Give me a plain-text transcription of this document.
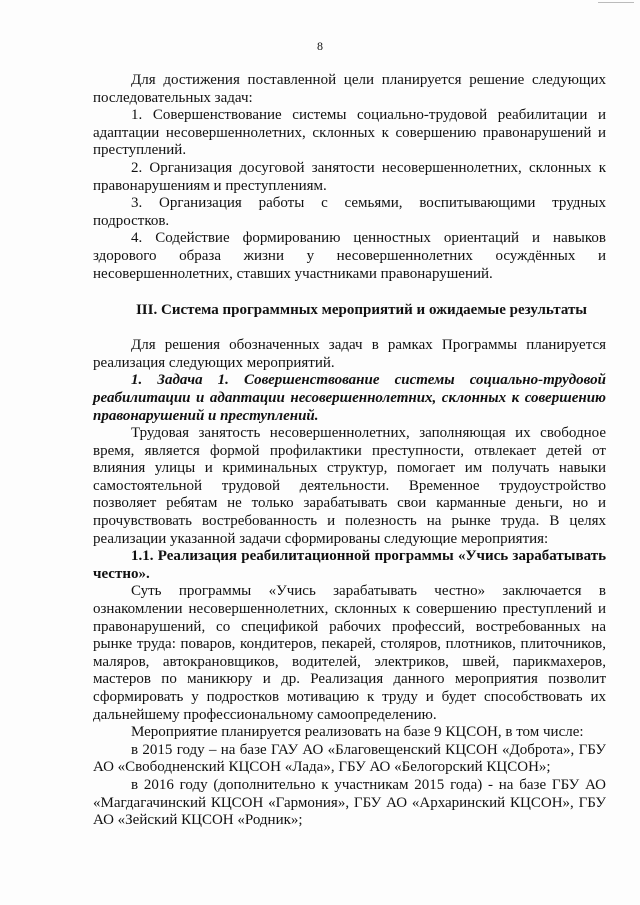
8

Для достижения поставленной цели планируется решение следующих последовательных задач:

1. Совершенствование системы социально-трудовой реабилитации и адаптации несовершеннолетних, склонных к совершению правонарушений и преступлений.

2. Организация досуговой занятости несовершеннолетних, склонных к правонарушениям и преступлениям.

3. Организация работы с семьями, воспитывающими трудных подростков.

4. Содействие формированию ценностных ориентаций и навыков здорового образа жизни у несовершеннолетних осуждённых и несовершеннолетних, ставших участниками правонарушений.

III. Система программных мероприятий и ожидаемые результаты

Для решения обозначенных задач в рамках Программы планируется реализация следующих мероприятий.

1. Задача 1. Совершенствование системы социально-трудовой реабилитации и адаптации несовершеннолетних, склонных к совершению правонарушений и преступлений.

Трудовая занятость несовершеннолетних, заполняющая их свободное время, является формой профилактики преступности, отвлекает детей от влияния улицы и криминальных структур, помогает им получать навыки самостоятельной трудовой деятельности. Временное трудоустройство позволяет ребятам не только зарабатывать свои карманные деньги, но и прочувствовать востребованность и полезность на рынке труда. В целях реализации указанной задачи сформированы следующие мероприятия:

1.1. Реализация реабилитационной программы «Учись зарабатывать честно».

Суть программы «Учись зарабатывать честно» заключается в ознакомлении несовершеннолетних, склонных к совершению преступлений и правонарушений, со спецификой рабочих профессий, востребованных на рынке труда: поваров, кондитеров, пекарей, столяров, плотников, плиточников, маляров, автокрановщиков, водителей, электриков, швей, парикмахеров, мастеров по маникюру и др. Реализация данного мероприятия позволит сформировать у подростков мотивацию к труду и будет способствовать их дальнейшему профессиональному самоопределению.

Мероприятие планируется реализовать на базе 9 КЦСОН, в том числе:

в 2015 году – на базе ГАУ АО «Благовещенский КЦСОН «Доброта», ГБУ АО «Свободненский КЦСОН «Лада», ГБУ АО «Белогорский КЦСОН»;

в 2016 году (дополнительно к участникам 2015 года) - на базе ГБУ АО «Магдагачинский КЦСОН «Гармония», ГБУ АО «Архаринский КЦСОН», ГБУ АО «Зейский КЦСОН «Родник»;
